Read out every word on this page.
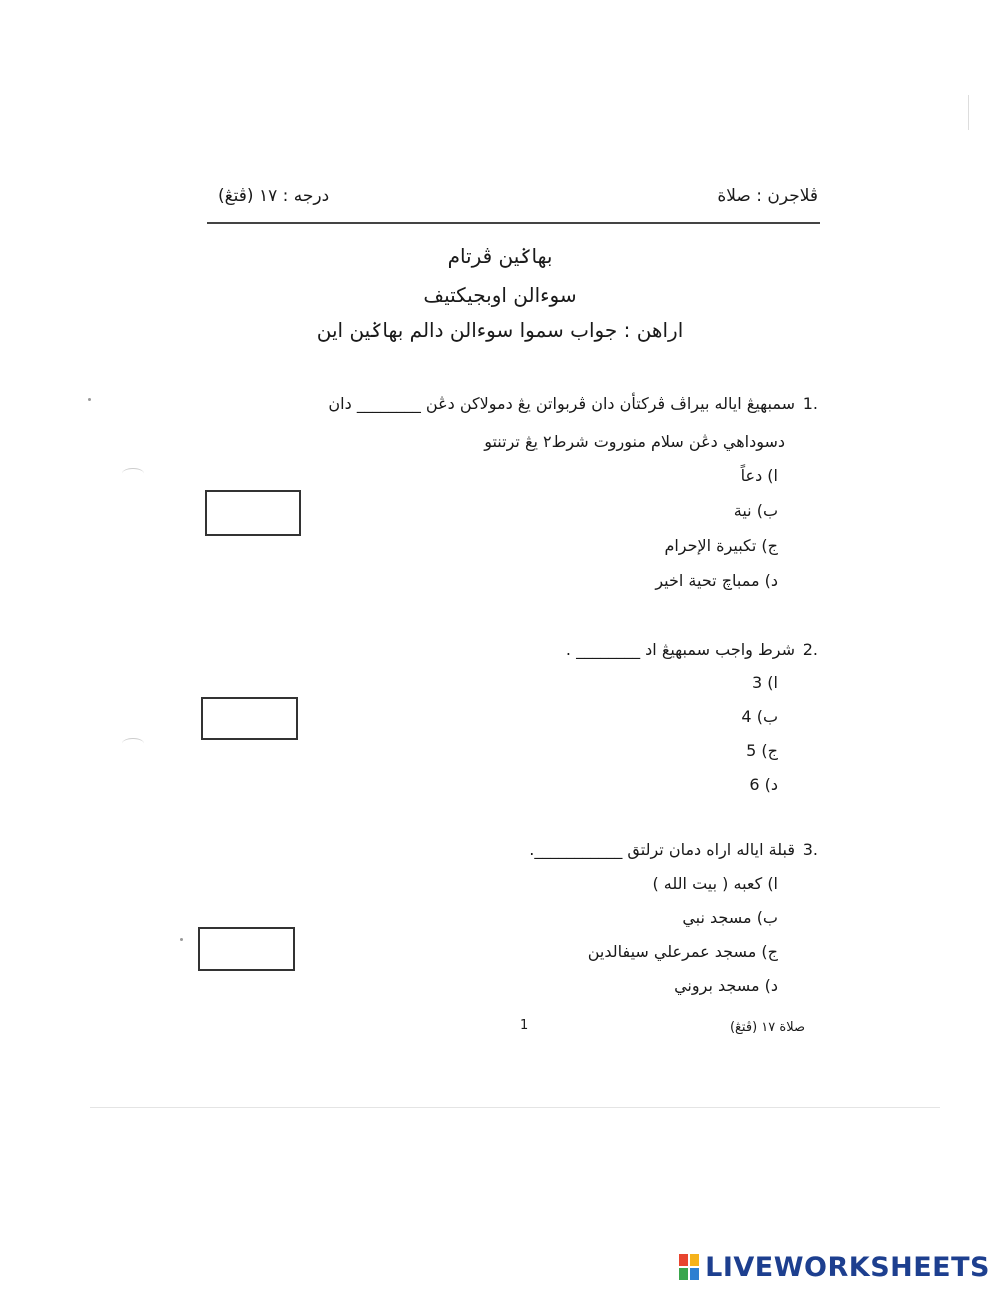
ڤلاجرن : صلاة
درجه : ١٧ (ڤتڠ)
بهاݢين ڤرتام
سوءالن اوبجيکتيف
اراهن : جواب سموا سوءالن دالم بهاݢين اين
1.
سمبهيڠ اياله بيراڤ ڤرکتأن دان ڤربواتن يڠ دمولاکن دڠن ________ دان
دسوداهي دڠن سلام منوروت شرط٢ يڠ ترتنتو
ا) دعاً
ب) نية
ج) تکبيرة الإحرام
د) ممباچ تحية اخير
2.
شرط واجب سمبهيڠ اد ________ .
ا) 3
ب) 4
ج) 5
د) 6
3.
قبلة اياله اراه دمان ترلتق ___________.
ا) كعبه ( بيت الله )
ب) مسجد نبي
ج) مسجد عمرعلي سيفالدين
د) مسجد بروني
1	صلاة ١٧ (ڤتڠ)
LIVEWORKSHEETS
